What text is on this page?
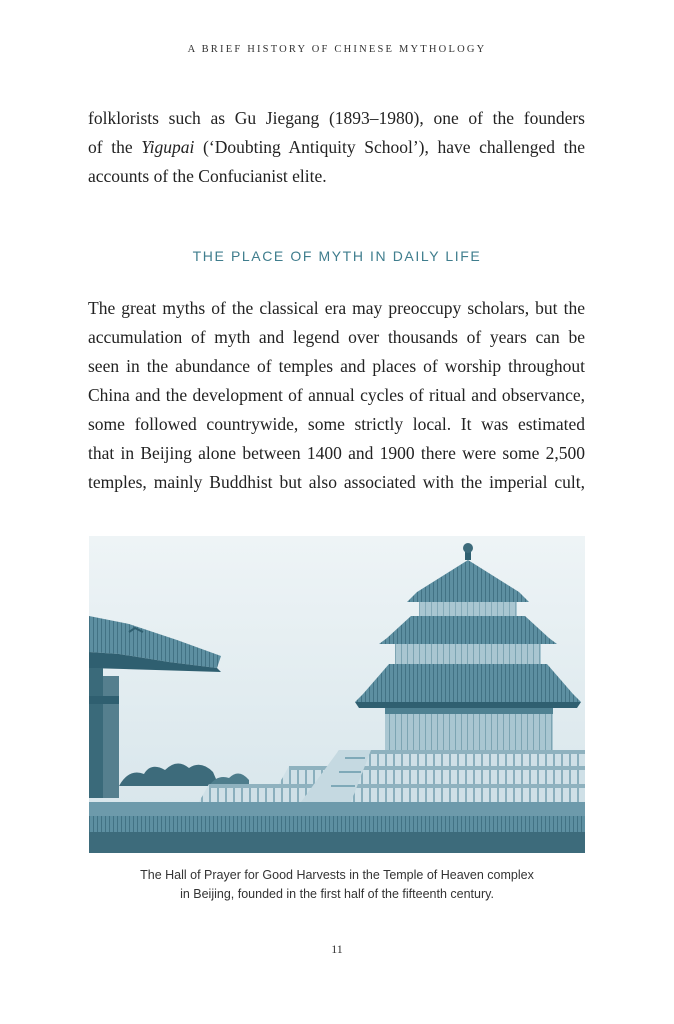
A BRIEF HISTORY OF CHINESE MYTHOLOGY
folklorists such as Gu Jiegang (1893–1980), one of the founders
of the Yigupai (‘Doubting Antiquity School’), have challenged the
accounts of the Confucianist elite.
THE PLACE OF MYTH IN DAILY LIFE
The great myths of the classical era may preoccupy scholars, but the
accumulation of myth and legend over thousands of years can be
seen in the abundance of temples and places of worship throughout
China and the development of annual cycles of ritual and observance,
some followed countrywide, some strictly local. It was estimated
that in Beijing alone between 1400 and 1900 there were some 2,500
temples, mainly Buddhist but also associated with the imperial cult,
The Hall of Prayer for Good Harvests in the Temple of Heaven complex
in Beijing, founded in the first half of the fifteenth century.
11
